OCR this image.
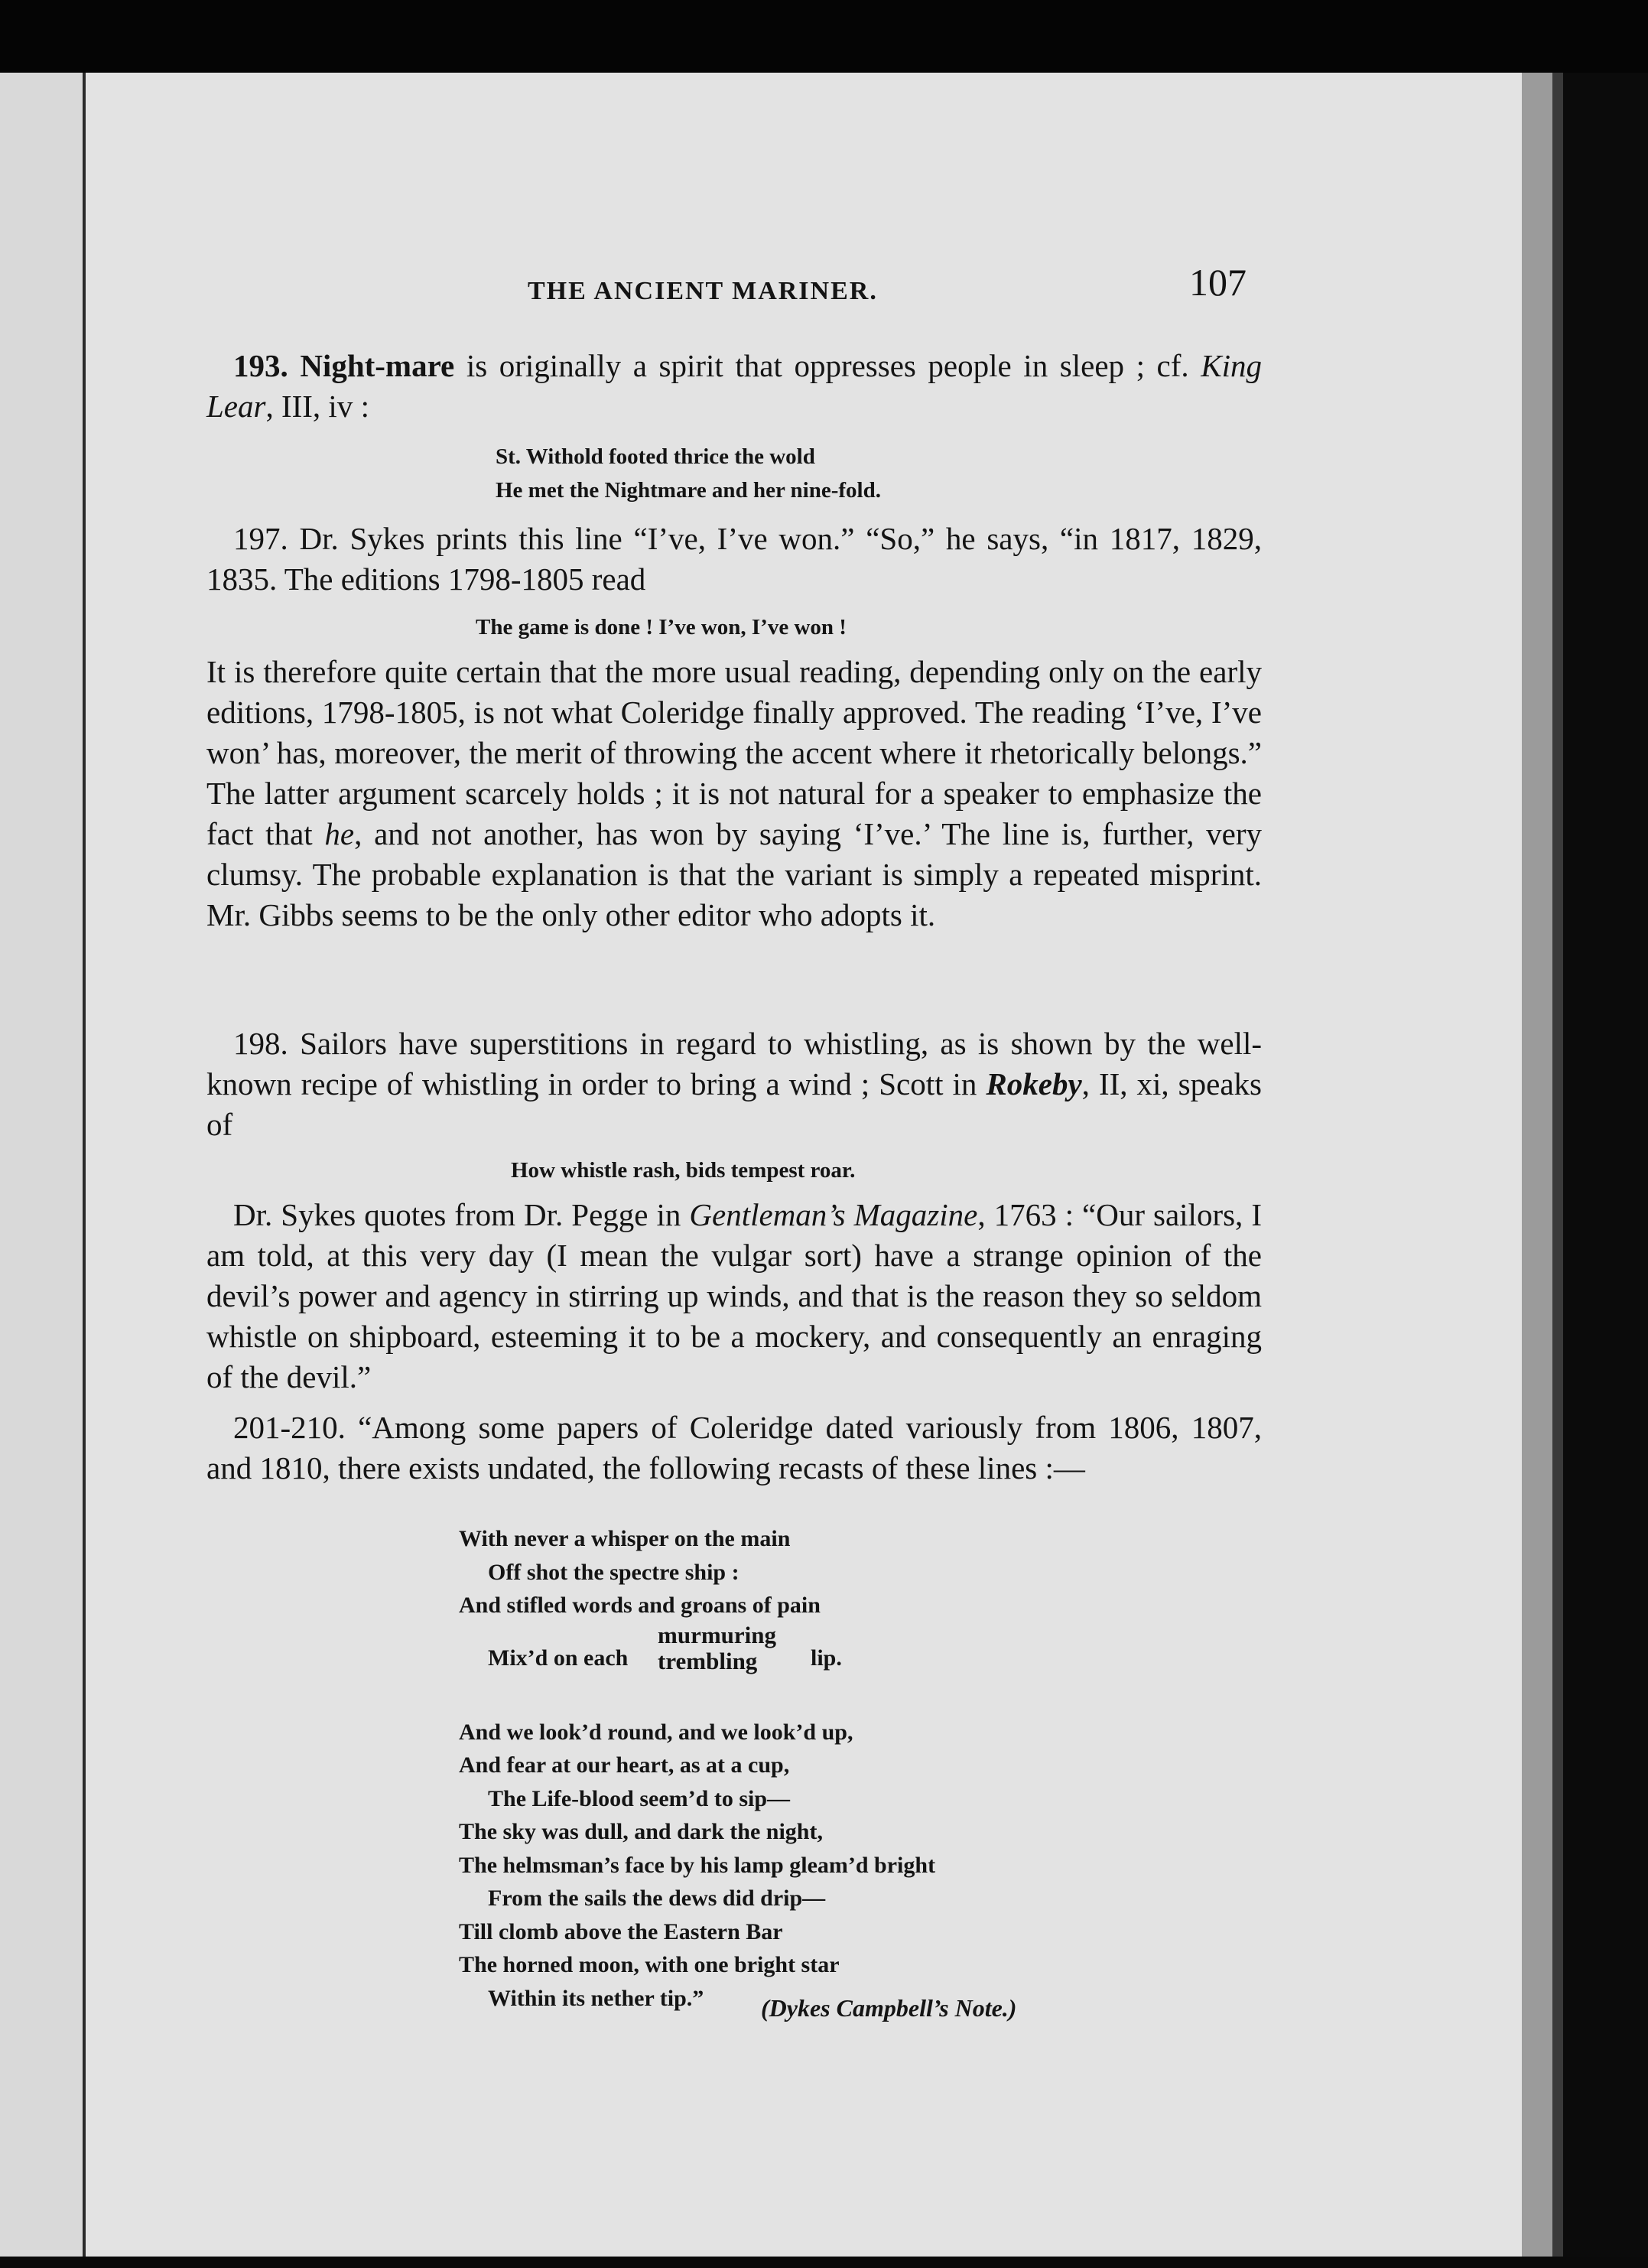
THE ANCIENT MARINER.	107

193. Night-mare is originally a spirit that oppresses people in sleep ; cf. King Lear, III, iv :

St. Withold footed thrice the wold
He met the Nightmare and her nine-fold.

197. Dr. Sykes prints this line “I’ve, I’ve won.” “So,” he says, “in 1817, 1829, 1835. The editions 1798-1805 read

The game is done ! I’ve won, I’ve won !

It is therefore quite certain that the more usual reading, depending only on the early editions, 1798-1805, is not what Coleridge finally approved. The reading ‘I’ve, I’ve won’ has, moreover, the merit of throwing the accent where it rhetorically belongs.” The latter argument scarcely holds ; it is not natural for a speaker to emphasize the fact that he, and not another, has won by saying ‘I’ve.’ The line is, further, very clumsy. The probable explanation is that the variant is simply a repeated misprint. Mr. Gibbs seems to be the only other editor who adopts it.

198. Sailors have superstitions in regard to whistling, as is shown by the well-known recipe of whistling in order to bring a wind ; Scott in Rokeby, II, xi, speaks of

How whistle rash, bids tempest roar.

Dr. Sykes quotes from Dr. Pegge in Gentleman’s Magazine, 1763 : “Our sailors, I am told, at this very day (I mean the vulgar sort) have a strange opinion of the devil’s power and agency in stirring up winds, and that is the reason they so seldom whistle on shipboard, esteeming it to be a mockery, and consequently an enraging of the devil.”

201-210. “Among some papers of Coleridge dated variously from 1806, 1807, and 1810, there exists undated, the following recasts of these lines :—

With never a whisper on the main
Off shot the spectre ship :
And stifled words and groans of pain
Mix’d on each
murmuring
trembling	lip.
And we look’d round, and we look’d up,
And fear at our heart, as at a cup,
The Life-blood seem’d to sip—
The sky was dull, and dark the night,
The helmsman’s face by his lamp gleam’d bright
From the sails the dews did drip—
Till clomb above the Eastern Bar
The horned moon, with one bright star
Within its nether tip.”	(Dykes Campbell’s Note.)
